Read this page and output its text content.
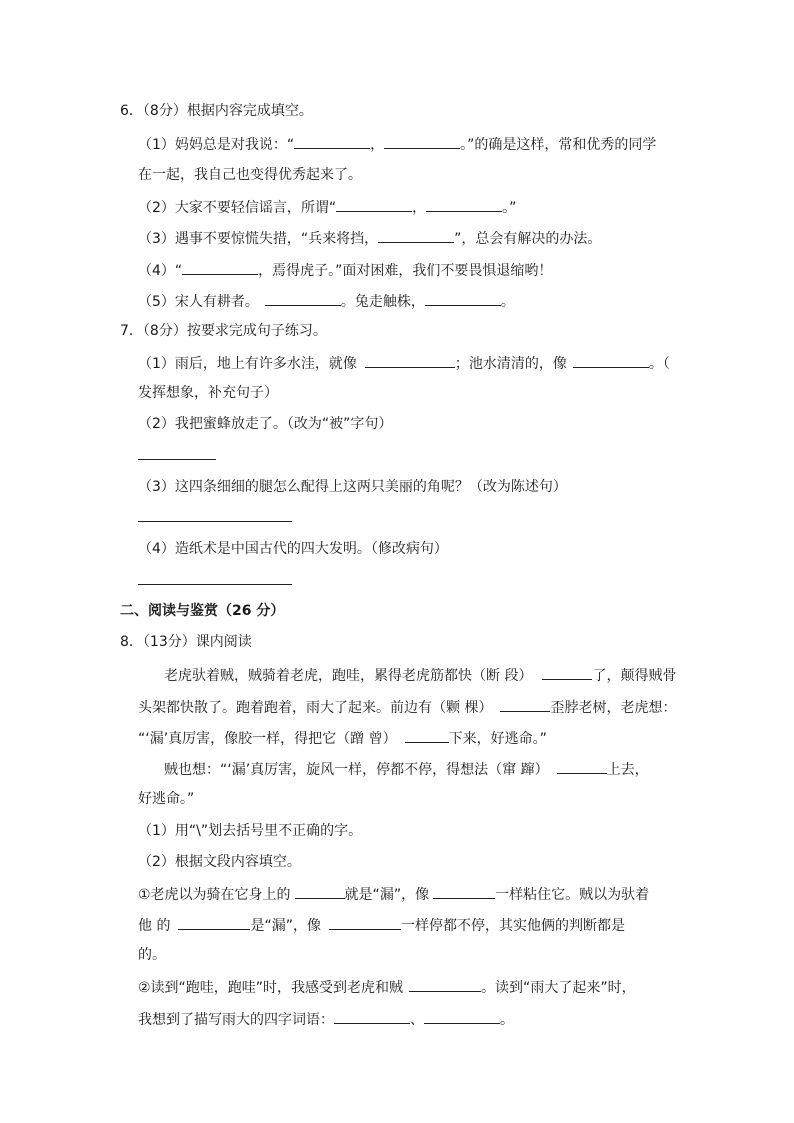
6．（8分）根据内容完成填空。
（1）妈妈总是对我说：“	，	。”的确是这样，常和优秀的同学
在一起，我自己也变得优秀起来了。
（2）大家不要轻信谣言，所谓“	，	。”
（3）遇事不要惊慌失措，“兵来将挡，	”，总会有解决的办法。
（4）“	，焉得虎子。”面对困难，我们不要畏惧退缩哟！
（5）宋人有耕者。	。兔走触株，	。
7．（8分）按要求完成句子练习。
（1）雨后，地上有许多水洼，就像	；池水清清的，像	。（
发挥想象，补充句子）
（2）我把蜜蜂放走了。（改为“被”字句）
（3）这四条细细的腿怎么配得上这两只美丽的角呢？（改为陈述句）
（4）造纸术是中国古代的四大发明。（修改病句）
二、阅读与鉴赏（26 分）
8．（13分）课内阅读
老虎驮着贼，贼骑着老虎，跑哇，累得老虎筋都快（断 段）	了，颠得贼骨
头架都快散了。跑着跑着，雨大了起来。前边有（颗 棵）	歪脖老树，老虎想：
“‘漏’真厉害，像胶一样，得把它（蹭 曾）	下来，好逃命。”
贼也想：“‘漏’真厉害，旋风一样，停都不停，得想法（窜 蹿）	上去，
好逃命。”
（1）用“\”划去括号里不正确的字。
（2）根据文段内容填空。
①老虎以为骑在它身上的	就是“漏”，像	一样粘住它。贼以为驮着
他 的	是“漏”，像	一样停都不停，其实他俩的判断都是
的。
②读到“跑哇，跑哇”时，我感受到老虎和贼	。读到“雨大了起来”时，
我想到了描写雨大的四字词语：	、	。
